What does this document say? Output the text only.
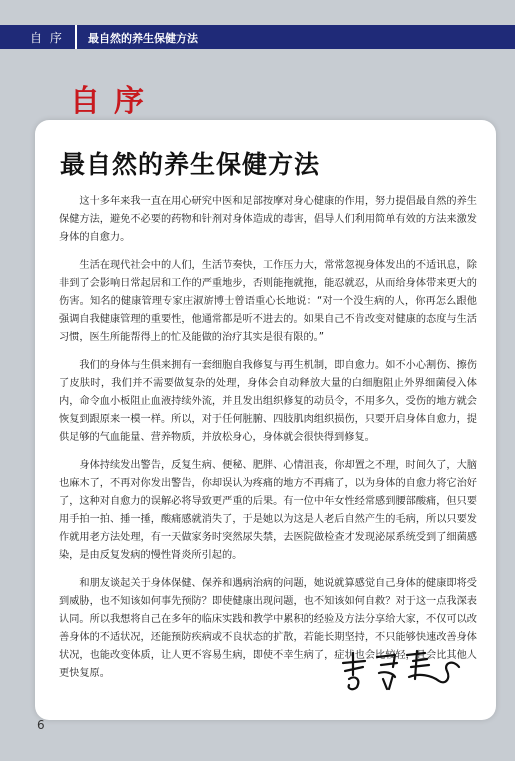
自 序 最自然的养生保健方法
自序
最自然的养生保健方法

这十多年来我一直在用心研究中医和足部按摩对身心健康的作用，努力提倡最自然的养生保健方法，避免不必要的药物和针剂对身体造成的毒害，倡导人们利用简单有效的方法来激发身体的自愈力。

生活在现代社会中的人们，生活节奏快，工作压力大，常常忽视身体发出的不适讯息，除非到了会影响日常起居和工作的严重地步，否则能拖就拖，能忍就忍，从而给身体带来更大的伤害。知名的健康管理专家庄淑旂博士曾语重心长地说：“对一个没生病的人，你再怎么跟他强调自我健康管理的重要性，他通常都是听不进去的。如果自己不肯改变对健康的态度与生活习惯，医生所能帮得上的忙及能做的治疗其实是很有限的。”

我们的身体与生俱来拥有一套细胞自我修复与再生机制，即自愈力。如不小心割伤、擦伤了皮肤时，我们并不需要做复杂的处理，身体会自动释放大量的白细胞阻止外界细菌侵入体内，命令血小板阻止血液持续外流，并且发出组织修复的动员令，不用多久，受伤的地方就会恢复到跟原来一模一样。所以，对于任何脏腑、四肢肌肉组织损伤，只要开启身体自愈力，提供足够的气血能量、营养物质，并放松身心，身体就会很快得到修复。

身体持续发出警告，反复生病、便秘、肥胖、心情沮丧，你却置之不理，时间久了，大脑也麻木了，不再对你发出警告，你却误认为疼痛的地方不再痛了，以为身体的自愈力将它治好了，这种对自愈力的误解必将导致更严重的后果。有一位中年女性经常感到腰部酸痛，但只要用手拍一拍、捶一捶，酸痛感就消失了，于是她以为这是人老后自然产生的毛病，所以只要发作就用老方法处理，有一天做家务时突然尿失禁，去医院做检查才发现泌尿系统受到了细菌感染，是由反复发病的慢性肾炎所引起的。

和朋友谈起关于身体保健、保养和遇病治病的问题，她说就算感觉自己身体的健康即将受到威胁，也不知该如何事先预防？即使健康出现问题，也不知该如何自救？对于这一点我深表认同。所以我想将自己在多年的临床实践和教学中累积的经验及方法分享给大家，不仅可以改善身体的不适状况，还能预防疾病或不良状态的扩散，若能长期坚持，不只能够快速改善身体状况，也能改变体质，让人更不容易生病，即使不幸生病了，症状也会比较轻，且会比其他人更快复原。

6
